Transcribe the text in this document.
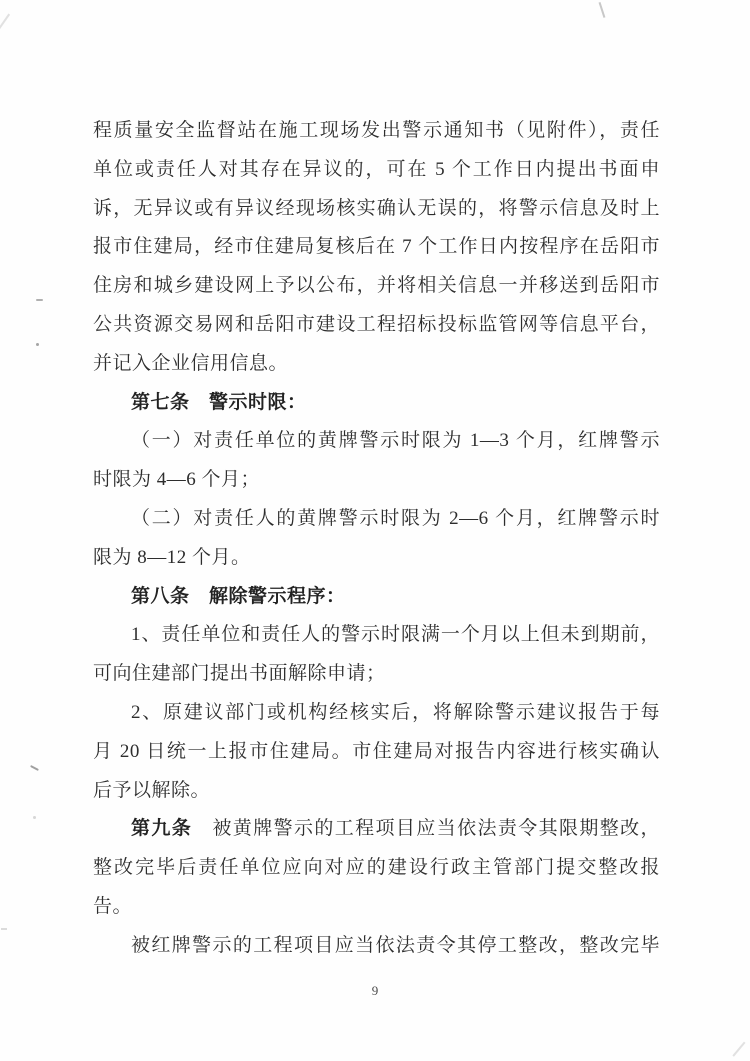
程质量安全监督站在施工现场发出警示通知书（见附件），责任
单位或责任人对其存在异议的，可在 5 个工作日内提出书面申
诉，无异议或有异议经现场核实确认无误的，将警示信息及时上
报市住建局，经市住建局复核后在 7 个工作日内按程序在岳阳市
住房和城乡建设网上予以公布，并将相关信息一并移送到岳阳市
公共资源交易网和岳阳市建设工程招标投标监管网等信息平台，
并记入企业信用信息。
第七条　警示时限：
（一）对责任单位的黄牌警示时限为 1—3 个月，红牌警示
时限为 4—6 个月；
（二）对责任人的黄牌警示时限为 2—6 个月，红牌警示时
限为 8—12 个月。
第八条　解除警示程序：
1、责任单位和责任人的警示时限满一个月以上但未到期前，
可向住建部门提出书面解除申请；
2、原建议部门或机构经核实后，将解除警示建议报告于每
月 20 日统一上报市住建局。市住建局对报告内容进行核实确认
后予以解除。
第九条　被黄牌警示的工程项目应当依法责令其限期整改，
整改完毕后责任单位应向对应的建设行政主管部门提交整改报
告。
被红牌警示的工程项目应当依法责令其停工整改，整改完毕
9
